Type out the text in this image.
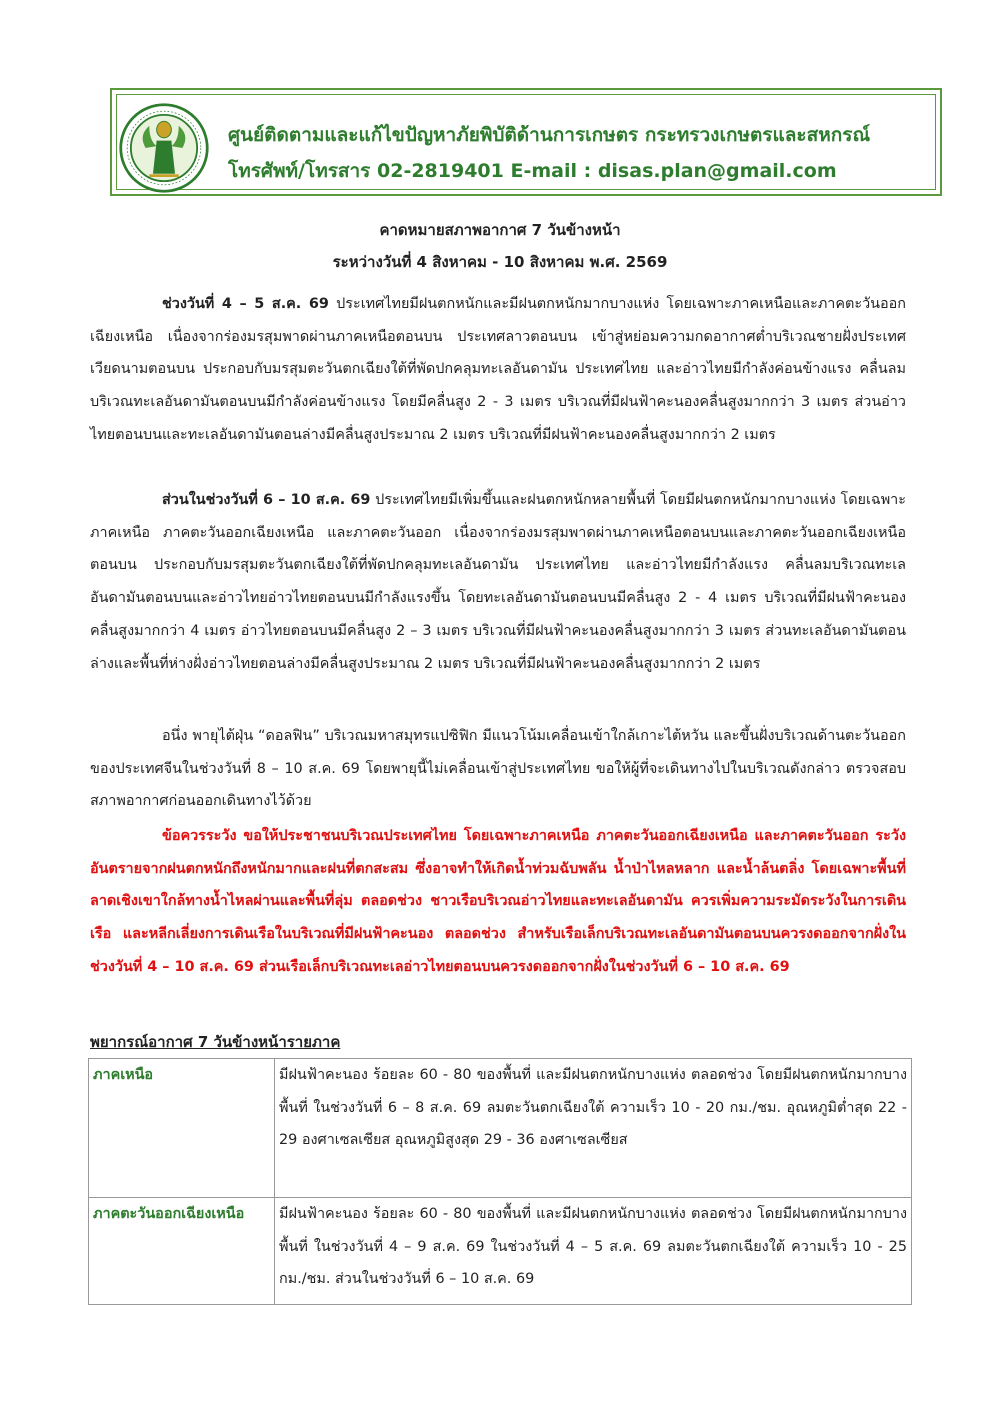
ศูนย์ติดตามและแก้ไขปัญหาภัยพิบัติด้านการเกษตร กระทรวงเกษตรและสหกรณ์
โทรศัพท์/โทรสาร 02-2819401 E-mail : disas.plan@gmail.com
คาดหมายสภาพอากาศ 7 วันข้างหน้า
ระหว่างวันที่ 4 สิงหาคม - 10 สิงหาคม พ.ศ. 2569
ช่วงวันที่ 4 – 5 ส.ค. 69 ประเทศไทยมีฝนตกหนักและมีฝนตกหนักมากบางแห่ง โดยเฉพาะภาคเหนือและภาคตะวันออกเฉียงเหนือ เนื่องจากร่องมรสุมพาดผ่านภาคเหนือตอนบน ประเทศลาวตอนบน เข้าสู่หย่อมความกดอากาศต่ำบริเวณชายฝั่งประเทศเวียดนามตอนบน ประกอบกับมรสุมตะวันตกเฉียงใต้ที่พัดปกคลุมทะเลอันดามัน ประเทศไทย และอ่าวไทยมีกำลังค่อนข้างแรง คลื่นลมบริเวณทะเลอันดามันตอนบนมีกำลังค่อนข้างแรง โดยมีคลื่นสูง 2 - 3 เมตร บริเวณที่มีฝนฟ้าคะนองคลื่นสูงมากกว่า 3 เมตร ส่วนอ่าวไทยตอนบนและทะเลอันดามันตอนล่างมีคลื่นสูงประมาณ 2 เมตร บริเวณที่มีฝนฟ้าคะนองคลื่นสูงมากกว่า 2 เมตร
ส่วนในช่วงวันที่ 6 – 10 ส.ค. 69 ประเทศไทยมีเพิ่มขึ้นและฝนตกหนักหลายพื้นที่ โดยมีฝนตกหนักมากบางแห่ง โดยเฉพาะภาคเหนือ ภาคตะวันออกเฉียงเหนือ และภาคตะวันออก เนื่องจากร่องมรสุมพาดผ่านภาคเหนือตอนบนและภาคตะวันออกเฉียงเหนือตอนบน ประกอบกับมรสุมตะวันตกเฉียงใต้ที่พัดปกคลุมทะเลอันดามัน ประเทศไทย และอ่าวไทยมีกำลังแรง คลื่นลมบริเวณทะเลอันดามันตอนบนและอ่าวไทยอ่าวไทยตอนบนมีกำลังแรงขึ้น โดยทะเลอันดามันตอนบนมีคลื่นสูง 2 - 4 เมตร บริเวณที่มีฝนฟ้าคะนองคลื่นสูงมากกว่า 4 เมตร อ่าวไทยตอนบนมีคลื่นสูง 2 – 3 เมตร บริเวณที่มีฝนฟ้าคะนองคลื่นสูงมากกว่า 3 เมตร ส่วนทะเลอันดามันตอนล่างและพื้นที่ห่างฝั่งอ่าวไทยตอนล่างมีคลื่นสูงประมาณ 2 เมตร บริเวณที่มีฝนฟ้าคะนองคลื่นสูงมากกว่า 2 เมตร
อนึ่ง พายุไต้ฝุ่น “ดอลฟิน” บริเวณมหาสมุทรแปซิฟิก มีแนวโน้มเคลื่อนเข้าใกล้เกาะไต้หวัน และขึ้นฝั่งบริเวณด้านตะวันออกของประเทศจีนในช่วงวันที่ 8 – 10 ส.ค. 69 โดยพายุนี้ไม่เคลื่อนเข้าสู่ประเทศไทย ขอให้ผู้ที่จะเดินทางไปในบริเวณดังกล่าว ตรวจสอบสภาพอากาศก่อนออกเดินทางไว้ด้วย
ข้อควรระวัง ขอให้ประชาชนบริเวณประเทศไทย โดยเฉพาะภาคเหนือ ภาคตะวันออกเฉียงเหนือ และภาคตะวันออก ระวังอันตรายจากฝนตกหนักถึงหนักมากและฝนที่ตกสะสม ซึ่งอาจทำให้เกิดน้ำท่วมฉับพลัน น้ำป่าไหลหลาก และน้ำล้นตลิ่ง โดยเฉพาะพื้นที่ลาดเชิงเขาใกล้ทางน้ำไหลผ่านและพื้นที่ลุ่ม ตลอดช่วง ชาวเรือบริเวณอ่าวไทยและทะเลอันดามัน ควรเพิ่มความระมัดระวังในการเดินเรือ และหลีกเลี่ยงการเดินเรือในบริเวณที่มีฝนฟ้าคะนอง ตลอดช่วง สำหรับเรือเล็กบริเวณทะเลอันดามันตอนบนควรงดออกจากฝั่งในช่วงวันที่ 4 – 10 ส.ค. 69 ส่วนเรือเล็กบริเวณทะเลอ่าวไทยตอนบนควรงดออกจากฝั่งในช่วงวันที่ 6 – 10 ส.ค. 69
พยากรณ์อากาศ 7 วันข้างหน้ารายภาค
ภาคเหนือ	มีฝนฟ้าคะนอง ร้อยละ 60 - 80 ของพื้นที่ และมีฝนตกหนักบางแห่ง ตลอดช่วง โดยมีฝนตกหนักมากบางพื้นที่ ในช่วงวันที่ 6 – 8 ส.ค. 69 ลมตะวันตกเฉียงใต้ ความเร็ว 10 - 20 กม./ชม. อุณหภูมิต่ำสุด 22 - 29 องศาเซลเซียส อุณหภูมิสูงสุด 29 - 36 องศาเซลเซียส
ภาคตะวันออกเฉียงเหนือ	มีฝนฟ้าคะนอง ร้อยละ 60 - 80 ของพื้นที่ และมีฝนตกหนักบางแห่ง ตลอดช่วง โดยมีฝนตกหนักมากบางพื้นที่ ในช่วงวันที่ 4 – 9 ส.ค. 69 ในช่วงวันที่ 4 – 5 ส.ค. 69 ลมตะวันตกเฉียงใต้ ความเร็ว 10 - 25 กม./ชม. ส่วนในช่วงวันที่ 6 – 10 ส.ค. 69
